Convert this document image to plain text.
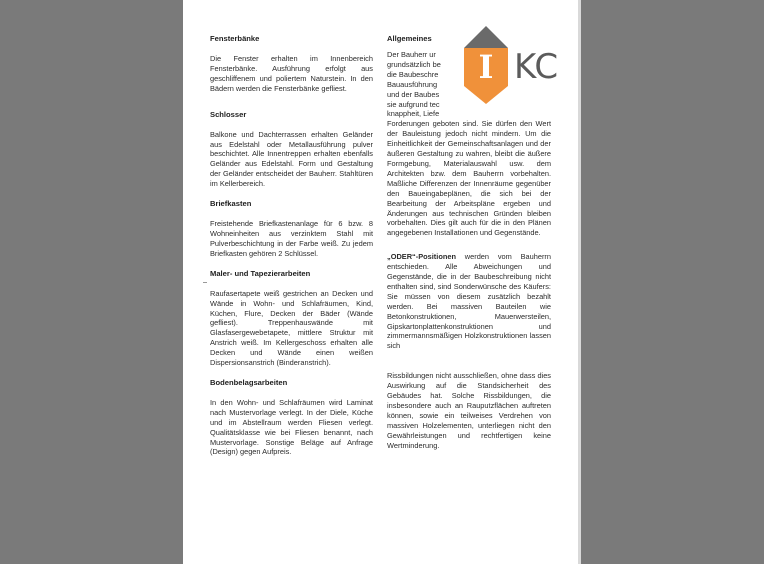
Fensterbänke

Die Fenster erhalten im Innenbereich Fensterbänke. Ausführung erfolgt aus geschliffenem und poliertem Naturstein. In den Bädern werden die Fensterbänke gefliest.

Schlosser

Balkone und Dachterrassen erhalten Geländer aus Edelstahl oder Metallausführung pulver beschichtet. Alle Innentreppen erhalten ebenfalls Geländer aus Edelstahl. Form und Gestaltung der Geländer entscheidet der Bauherr. Stahltüren im Kellerbereich.

Briefkasten

Freistehende Briefkastenanlage für 6 bzw. 8 Wohneinheiten aus verzinktem Stahl mit Pulverbeschichtung in der Farbe weiß. Zu jedem Briefkasten gehören 2 Schlüssel.

Maler- und Tapezierarbeiten

Raufasertapete weiß gestrichen an Decken und Wände in Wohn- und Schlafräumen, Kind, Küchen, Flure, Decken der Bäder (Wände gefliest). Treppenhauswände mit Glasfasergewebetapete, mittlere Struktur mit Anstrich weiß. Im Kellergeschoss erhalten alle Decken und Wände einen weißen Dispersionsanstrich (Binderanstrich).

Bodenbelagsarbeiten

In den Wohn- und Schlafräumen wird Laminat nach Mustervorlage verlegt. In der Diele, Küche und im Abstellraum werden Fliesen verlegt. Qualitätsklasse wie bei Fliesen benannt, nach Mustervorlage. Sonstige Beläge auf Anfrage (Design) gegen Aufpreis.

Allgemeines
Der Bauherr ur
grundsätzlich be
die Baubeschre
Bauausführung
und der Baubes
sie aufgrund tec
knappheit, Liefe

Forderungen geboten sind. Sie dürfen den Wert der Bauleistung jedoch nicht mindern. Um die Einheitlichkeit der Gemeinschaftsanlagen und der äußeren Gestaltung zu wahren, bleibt die äußere Formgebung, Materialauswahl usw. dem Architekten bzw. dem Bauherrn vorbehalten. Maßliche Differenzen der Innenräume gegenüber den Baueingabeplänen, die sich bei der Bearbeitung der Arbeitspläne ergeben und Änderungen aus technischen Gründen bleiben vorbehalten. Dies gilt auch für die in den Plänen angegebenen Installationen und Gegenstände.

„ODER“-Positionen werden vom Bauherrn entschieden. Alle Abweichungen und Gegenstände, die in der Baubeschreibung nicht enthalten sind, sind Sonderwünsche des Käufers: Sie müssen von diesem zusätzlich bezahlt werden. Bei massiven Bauteilen wie Betonkonstruktionen, Mauerwersteilen, Gipskartonplattenkonstruktionen und zimmermannsmäßigen Holzkonstruktionen lassen sich

Rissbildungen nicht ausschließen, ohne dass dies Auswirkung auf die Standsicherheit des Gebäudes hat. Solche Rissbildungen, die insbesondere auch an Rauputzflächen auftreten können, sowie ein teilweises Verdrehen von massiven Holzelementen, unterliegen nicht den Gewährleistungen und rechtfertigen keine Wertminderung.

I KC
